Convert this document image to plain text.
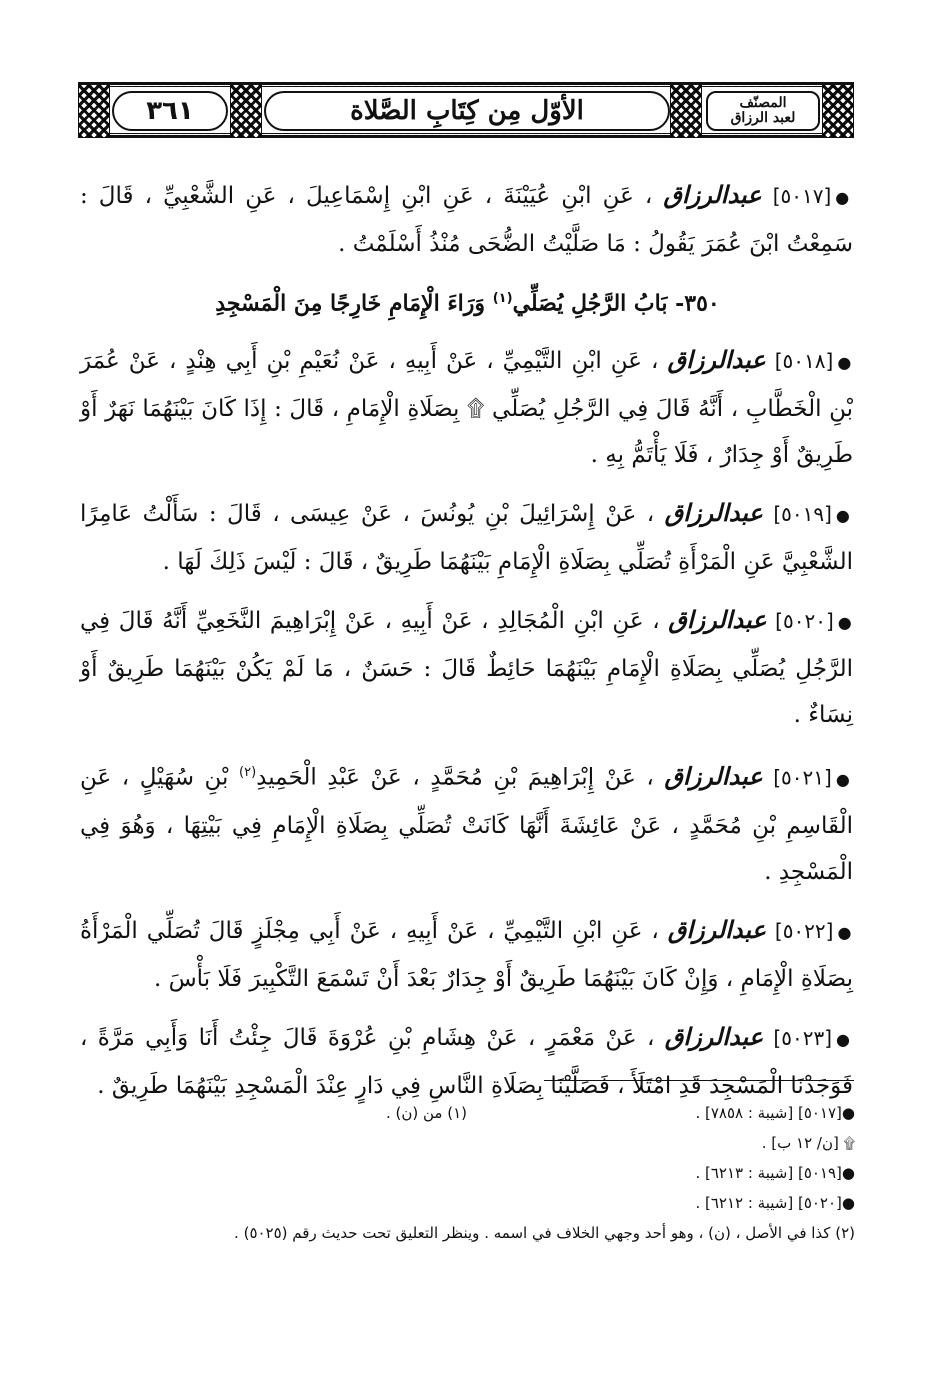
٣٦١	الأوّل مِن كِتَابِ الصَّلاة	المصنّف
لعبد الرزاق

●[٥٠١٧] عبدالرزاق ، عَنِ ابْنِ عُيَيْنَةَ ، عَنِ ابْنِ إِسْمَاعِيلَ ، عَنِ الشَّعْبِيِّ ، قَالَ : سَمِعْتُ ابْنَ عُمَرَ يَقُولُ : مَا صَلَّيْتُ الضُّحَى مُنْذُ أَسْلَمْتُ .

٣٥٠- بَابُ الرَّجُلِ يُصَلِّي$^{(١)}$ وَرَاءَ الْإِمَامِ خَارِجًا مِنَ الْمَسْجِدِ

●[٥٠١٨] عبدالرزاق ، عَنِ ابْنِ التَّيْمِيِّ ، عَنْ أَبِيهِ ، عَنْ نُعَيْمِ بْنِ أَبِي هِنْدٍ ، عَنْ عُمَرَ بْنِ الْخَطَّابِ ، أَنَّهُ قَالَ فِي الرَّجُلِ يُصَلِّي ۩ بِصَلَاةِ الْإِمَامِ ، قَالَ : إِذَا كَانَ بَيْنَهُمَا نَهَرٌ أَوْ طَرِيقٌ أَوْ جِدَارٌ ، فَلَا يَأْتَمُّ بِهِ .

●[٥٠١٩] عبدالرزاق ، عَنْ إِسْرَائِيلَ بْنِ يُونُسَ ، عَنْ عِيسَى ، قَالَ : سَأَلْتُ عَامِرًا الشَّعْبِيَّ عَنِ الْمَرْأَةِ تُصَلِّي بِصَلَاةِ الْإِمَامِ بَيْنَهُمَا طَرِيقٌ ، قَالَ : لَيْسَ ذَلِكَ لَهَا .

●[٥٠٢٠] عبدالرزاق ، عَنِ ابْنِ الْمُجَالِدِ ، عَنْ أَبِيهِ ، عَنْ إِبْرَاهِيمَ النَّخَعِيِّ أَنَّهُ قَالَ فِي الرَّجُلِ يُصَلِّي بِصَلَاةِ الْإِمَامِ بَيْنَهُمَا حَائِطٌ قَالَ : حَسَنٌ ، مَا لَمْ يَكُنْ بَيْنَهُمَا طَرِيقٌ أَوْ نِسَاءٌ .

●[٥٠٢١] عبدالرزاق ، عَنْ إِبْرَاهِيمَ بْنِ مُحَمَّدٍ ، عَنْ عَبْدِ الْحَمِيدِ$^{(٢)}$ بْنِ سُهَيْلٍ ، عَنِ الْقَاسِمِ بْنِ مُحَمَّدٍ ، عَنْ عَائِشَةَ أَنَّهَا كَانَتْ تُصَلِّي بِصَلَاةِ الْإِمَامِ فِي بَيْتِهَا ، وَهُوَ فِي الْمَسْجِدِ .

●[٥٠٢٢] عبدالرزاق ، عَنِ ابْنِ التَّيْمِيِّ ، عَنْ أَبِيهِ ، عَنْ أَبِي مِجْلَزٍ قَالَ تُصَلِّي الْمَرْأَةُ بِصَلَاةِ الْإِمَامِ ، وَإِنْ كَانَ بَيْنَهُمَا طَرِيقٌ أَوْ جِدَارٌ بَعْدَ أَنْ تَسْمَعَ التَّكْبِيرَ فَلَا بَأْسَ .

●[٥٠٢٣] عبدالرزاق ، عَنْ مَعْمَرٍ ، عَنْ هِشَامِ بْنِ عُرْوَةَ قَالَ جِئْتُ أَنَا وَأَبِي مَرَّةً ، فَوَجَدْنَا الْمَسْجِدَ قَدِ امْتَلَأَ ، فَصَلَّيْنَا بِصَلَاةِ النَّاسِ فِي دَارٍ عِنْدَ الْمَسْجِدِ بَيْنَهُمَا طَرِيقٌ .

●[٥٠١٧] [شيبة : ٧٨٥٨] .
(١) من (ن) .
۩ [ن/ ١٢ ب] .
●[٥٠١٩] [شيبة : ٦٢١٣] .
●[٥٠٢٠] [شيبة : ٦٢١٢] .
(٢) كذا في الأصل ، (ن) ، وهو أحد وجهي الخلاف في اسمه . وينظر التعليق تحت حديث رقم (٥٠٢٥) .
